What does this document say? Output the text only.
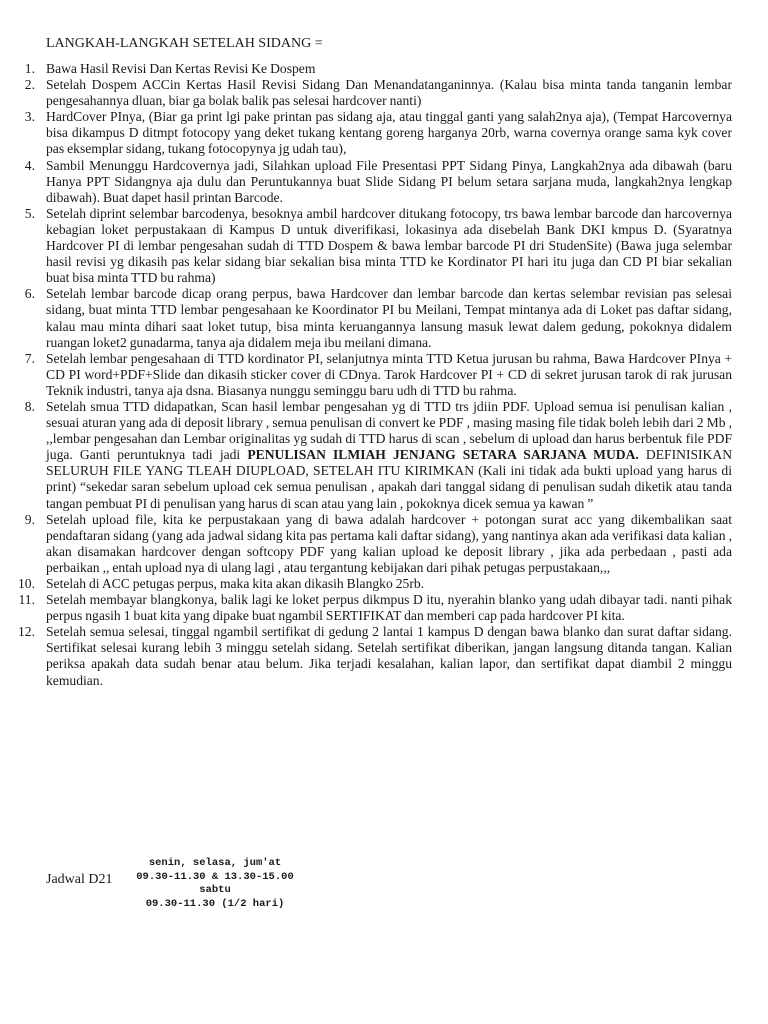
LANGKAH-LANGKAH SETELAH SIDANG =
1. Bawa Hasil Revisi Dan Kertas Revisi Ke Dospem
2. Setelah Dospem ACCin Kertas Hasil Revisi Sidang Dan Menandatanganinnya. (Kalau bisa minta tanda tanganin lembar pengesahannya dluan, biar ga bolak balik pas selesai hardcover nanti)
3. HardCover PInya, (Biar ga print lgi pake printan pas sidang aja, atau tinggal ganti yang salah2nya aja), (Tempat Harcovernya bisa dikampus D ditmpt fotocopy yang deket tukang kentang goreng harganya 20rb, warna covernya orange sama kyk cover pas eksemplar sidang, tukang fotocopynya jg udah tau),
4. Sambil Menunggu Hardcovernya jadi, Silahkan upload File Presentasi PPT Sidang Pinya, Langkah2nya ada dibawah (baru Hanya PPT Sidangnya aja dulu dan Peruntukannya buat Slide Sidang PI belum setara sarjana muda, langkah2nya lengkap dibawah). Buat dapet hasil printan Barcode.
5. Setelah diprint selembar barcodenya, besoknya ambil hardcover ditukang fotocopy, trs bawa lembar barcode dan harcovernya kebagian loket perpustakaan di Kampus D untuk diverifikasi, lokasinya ada disebelah Bank DKI kmpus D. (Syaratnya Hardcover PI di lembar pengesahan sudah di TTD Dospem & bawa lembar barcode PI dri StudenSite) (Bawa juga selembar hasil revisi yg dikasih pas kelar sidang biar sekalian bisa minta TTD ke Kordinator PI hari itu juga dan CD PI biar sekalian buat bisa minta TTD bu rahma)
6. Setelah lembar barcode dicap orang perpus, bawa Hardcover dan lembar barcode dan kertas selembar revisian pas selesai sidang, buat minta TTD lembar pengesahaan ke Koordinator PI bu Meilani, Tempat mintanya ada di Loket pas daftar sidang, kalau mau minta dihari saat loket tutup, bisa minta keruangannya lansung masuk lewat dalem gedung, pokoknya didalem ruangan loket2 gunadarma, tanya aja didalem meja ibu meilani dimana.
7. Setelah lembar pengesahaan di TTD kordinator PI, selanjutnya minta TTD Ketua jurusan bu rahma, Bawa Hardcover PInya + CD PI word+PDF+Slide dan dikasih sticker cover di CDnya. Tarok Hardcover PI + CD di sekret jurusan tarok di rak jurusan Teknik industri, tanya aja dsna. Biasanya nunggu seminggu baru udh di TTD bu rahma.
8. Setelah smua TTD didapatkan, Scan hasil lembar pengesahan yg di TTD trs jdiin PDF. Upload semua isi penulisan kalian , sesuai aturan yang ada di deposit library , semua penulisan di convert ke PDF , masing masing file tidak boleh lebih dari 2 Mb , ,,lembar pengesahan dan Lembar originalitas yg sudah di TTD harus di scan , sebelum di upload dan harus berbentuk file PDF juga. Ganti peruntuknya tadi jadi PENULISAN ILMIAH JENJANG SETARA SARJANA MUDA. DEFINISIKAN SELURUH FILE YANG TLEAH DIUPLOAD, SETELAH ITU KIRIMKAN (Kali ini tidak ada bukti upload yang harus di print) “sekedar saran sebelum upload cek semua penulisan , apakah dari tanggal sidang di penulisan sudah diketik atau tanda tangan pembuat PI di penulisan yang harus di scan atau yang lain , pokoknya dicek semua ya kawan ”
9. Setelah upload file, kita ke perpustakaan yang di bawa adalah hardcover + potongan surat acc yang dikembalikan saat pendaftaran sidang (yang ada jadwal sidang kita pas pertama kali daftar sidang), yang nantinya akan ada verifikasi data kalian , akan disamakan hardcover dengan softcopy PDF yang kalian upload ke deposit library , jika ada perbedaan , pasti ada perbaikan ,, entah upload nya di ulang lagi , atau tergantung kebijakan dari pihak petugas perpustakaan,,,
10. Setelah di ACC petugas perpus, maka kita akan dikasih Blangko 25rb.
11. Setelah membayar blangkonya, balik lagi ke loket perpus dikmpus D itu, nyerahin blanko yang udah dibayar tadi. nanti pihak perpus ngasih 1 buat kita yang dipake buat ngambil SERTIFIKAT dan memberi cap pada hardcover PI kita.
12. Setelah semua selesai, tinggal ngambil sertifikat di gedung 2 lantai 1 kampus D dengan bawa blanko dan surat daftar sidang. Sertifikat selesai kurang lebih 3 minggu setelah sidang. Setelah sertifikat diberikan, jangan langsung ditanda tangan. Kalian periksa apakah data sudah benar atau belum. Jika terjadi kesalahan, kalian lapor, dan sertifikat dapat diambil 2 minggu kemudian.
senin, selasa, jum'at
09.30-11.30 & 13.30-15.00
sabtu
09.30-11.30 (1/2 hari)
Jadwal D21
